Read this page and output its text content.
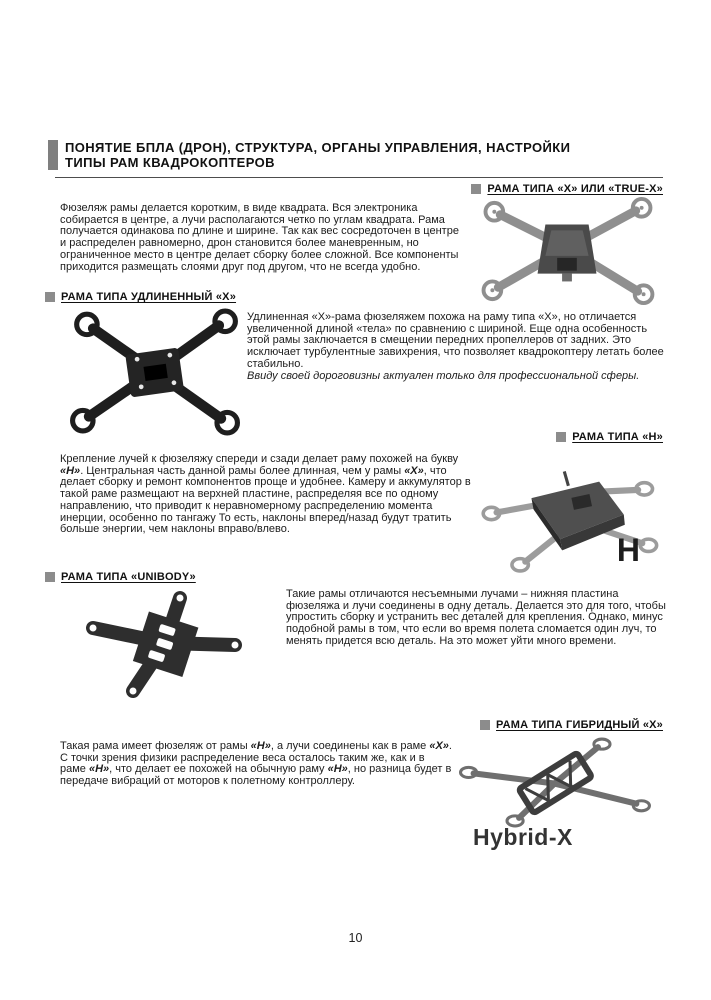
ПОНЯТИЕ БПЛА (ДРОН), СТРУКТУРА, ОРГАНЫ УПРАВЛЕНИЯ, НАСТРОЙКИ
ТИПЫ РАМ КВАДРОКОПТЕРОВ
РАМА ТИПА «Х» ИЛИ «TRUE-X»
Фюзеляж рамы делается коротким, в виде квадрата. Вся электроника собирается в центре, а лучи располагаются четко по углам квадрата. Рама получается одинакова по длине и ширине. Так как вес сосредоточен в центре и распределен равномерно, дрон становится более маневренным, но ограниченное место в центре делает сборку более сложной. Все компоненты приходится размещать слоями друг под другом, что не всегда удобно.
РАМА ТИПА УДЛИНЕННЫЙ «Х»
Удлиненная «Х»-рама фюзеляжем похожа на раму типа «Х», но отличается увеличенной длиной «тела» по сравнению с шириной. Еще одна особенность этой рамы заключается в смещении передних пропеллеров от задних. Это исключает турбулентные завихрения, что позволяет квадрокоптеру летать более стабильно.
Ввиду своей дороговизны актуален только для профессиональной сферы.
РАМА ТИПА «Н»
Крепление лучей к фюзеляжу спереди и сзади делает раму похожей на букву «Н». Центральная часть данной рамы более длинная, чем у рамы «Х», что делает сборку и ремонт компонентов проще и удобнее. Камеру и аккумулятор в такой раме размещают на верхней пластине, распределяя все по одному направлению, что приводит к неравномерному распределению момента инерции, особенно по тангажу То есть, наклоны вперед/назад будут тратить больше энергии, чем наклоны вправо/влево.
H
РАМА ТИПА «UNIBODY»
Такие рамы отличаются несъемными лучами – нижняя пластина фюзеляжа и лучи соединены в одну деталь. Делается это для того, чтобы упростить сборку и устранить вес деталей для крепления. Однако, минус подобной рамы в том, что если во время полета сломается один луч, то менять придется всю деталь. На это может уйти много времени.
РАМА ТИПА ГИБРИДНЫЙ «Х»
Такая рама имеет фюзеляж от рамы «Н», а лучи соединены как в раме «Х». С точки зрения физики распределение веса осталось таким же, как и в раме «Н», что делает ее похожей на обычную раму «Н», но разница будет в передаче вибраций от моторов к полетному контроллеру.
Hybrid-X
10
